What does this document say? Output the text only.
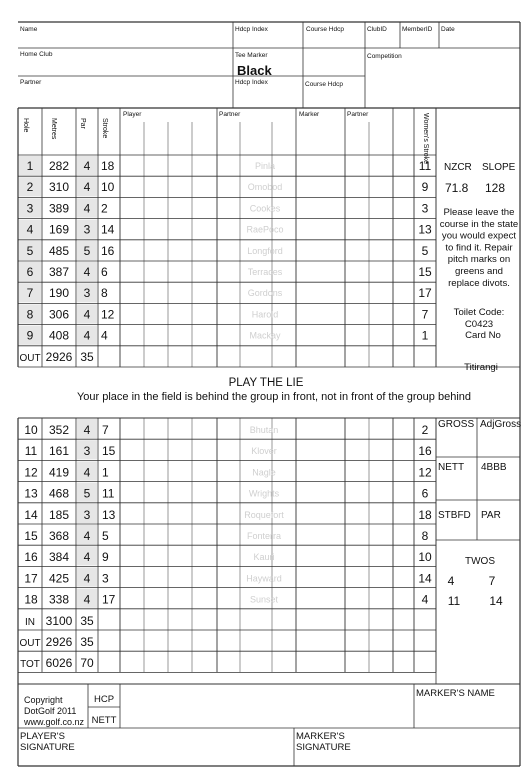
Name	Hdcp Index	Course Hdcp	ClubID MemberID Date
Home Club	Tee Marker
Black
Competition
Partner	Hdcp Index	Course Hdcp
Hole	Metres	Par Stroke
Player	Partner	Marker	Partner	Women's Stroke
1 282 4 18	Pinla	11
2 310 4 10	Omobod	9
3 389 4 2	Cookes	3
4 169 3 14	RaePoco	13
5 485 5 16	Longford	5
6 387 4 6	Terraces	15
7 190 3 8	Gordons	17
8 306 4 12	Harold	7
9 408 4 4	Mackay	1
OUT 2926 35
NZCR SLOPE
71.8 128
Please leave the
course in the state
you would expect
to find it. Repair
pitch marks on
greens and
replace divots.
Toilet Code:
C0423
Card No
Titirangi
PLAY THE LIE
Your place in the field is behind the group in front, not in front of the group behind
10 352 4 7	Bhutan	2
11 161 3 15	Klover	16
12 419 4 1	Nagle	12
13 468 5 11	Wrights	6
14 185 3 13	Roquefort	18
15 368 4 5	Fonterra	8
16 384 4 9	Kauri	10
17 425 4 3	Hayward	14
18 338 4 17	Sunset	4
IN 3100 35
OUT 2926 35
TOT 6026 70
GROSS AdjGross
NETT 4BBB
STBFD PAR
TWOS
4	7
11 14
Copyright
DotGolf 2011
www.golf.co.nz
HCP
NETT
MARKER'S NAME
PLAYER'S
SIGNATURE
MARKER'S
SIGNATURE
